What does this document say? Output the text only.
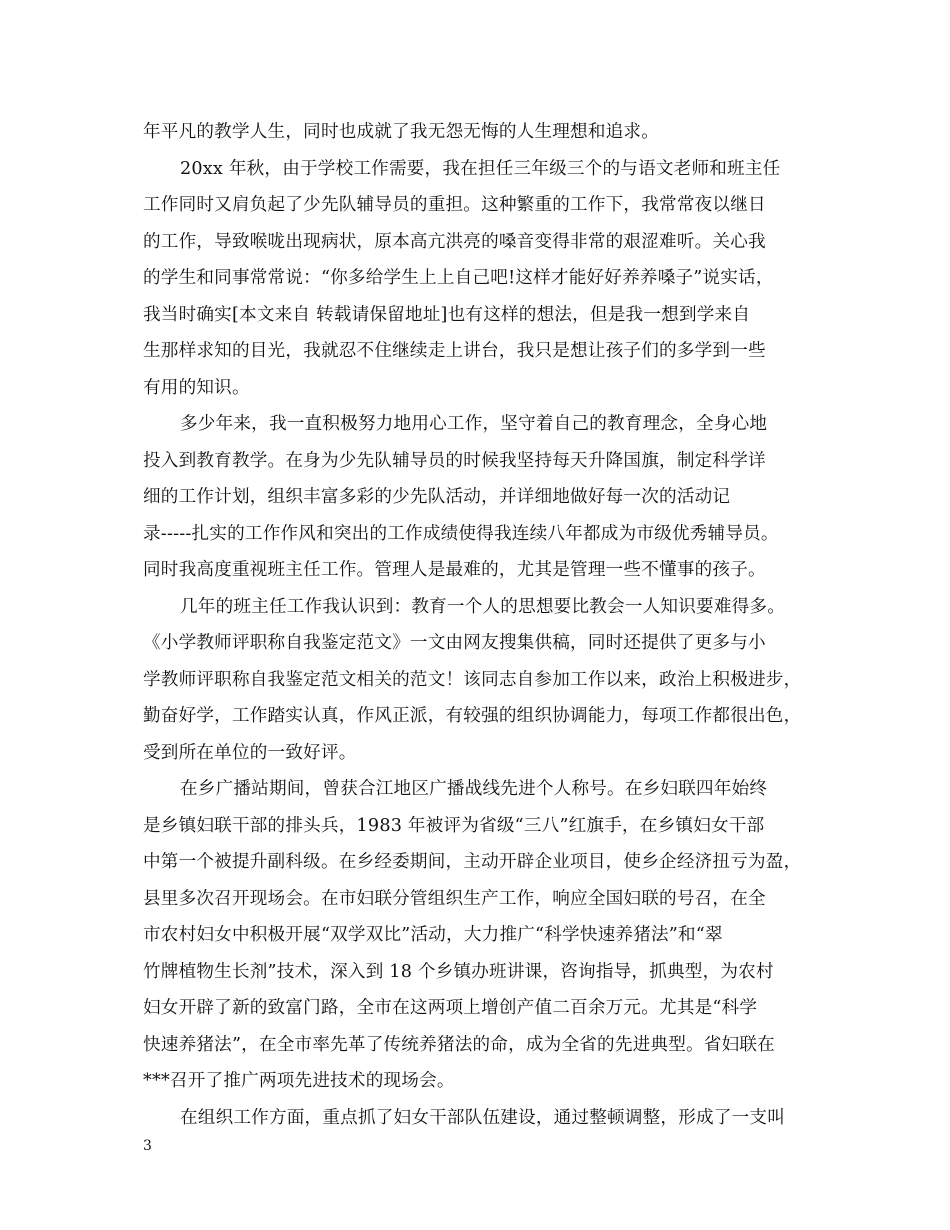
年平凡的教学人生，同时也成就了我无怨无悔的人生理想和追求。
20xx 年秋，由于学校工作需要，我在担任三年级三个的与语文老师和班主任
工作同时又肩负起了少先队辅导员的重担。这种繁重的工作下，我常常夜以继日
的工作，导致喉咙出现病状，原本高亢洪亮的嗓音变得非常的艰涩难听。关心我
的学生和同事常常说：“你多给学生上上自己吧!这样才能好好养养嗓子”说实话，
我当时确实[本文来自 转载请保留地址]也有这样的想法，但是我一想到学来自
生那样求知的目光，我就忍不住继续走上讲台，我只是想让孩子们的多学到一些
有用的知识。
多少年来，我一直积极努力地用心工作，坚守着自己的教育理念，全身心地
投入到教育教学。在身为少先队辅导员的时候我坚持每天升降国旗，制定科学详
细的工作计划，组织丰富多彩的少先队活动，并详细地做好每一次的活动记
录-----扎实的工作作风和突出的工作成绩使得我连续八年都成为市级优秀辅导员。
同时我高度重视班主任工作。管理人是最难的，尤其是管理一些不懂事的孩子。
几年的班主任工作我认识到：教育一个人的思想要比教会一人知识要难得多。
《小学教师评职称自我鉴定范文》一文由网友搜集供稿，同时还提供了更多与小
学教师评职称自我鉴定范文相关的范文！该同志自参加工作以来，政治上积极进步，
勤奋好学，工作踏实认真，作风正派，有较强的组织协调能力，每项工作都很出色，
受到所在单位的一致好评。
在乡广播站期间，曾获合江地区广播战线先进个人称号。在乡妇联四年始终
是乡镇妇联干部的排头兵，1983 年被评为省级“三八”红旗手，在乡镇妇女干部
中第一个被提升副科级。在乡经委期间，主动开辟企业项目，使乡企经济扭亏为盈，
县里多次召开现场会。在市妇联分管组织生产工作，响应全国妇联的号召，在全
市农村妇女中积极开展“双学双比”活动，大力推广“科学快速养猪法”和“翠
竹牌植物生长剂”技术，深入到 18 个乡镇办班讲课，咨询指导，抓典型，为农村
妇女开辟了新的致富门路，全市在这两项上增创产值二百余万元。尤其是“科学
快速养猪法”，在全市率先革了传统养猪法的命，成为全省的先进典型。省妇联在
***召开了推广两项先进技术的现场会。
在组织工作方面，重点抓了妇女干部队伍建设，通过整顿调整，形成了一支叫
3
